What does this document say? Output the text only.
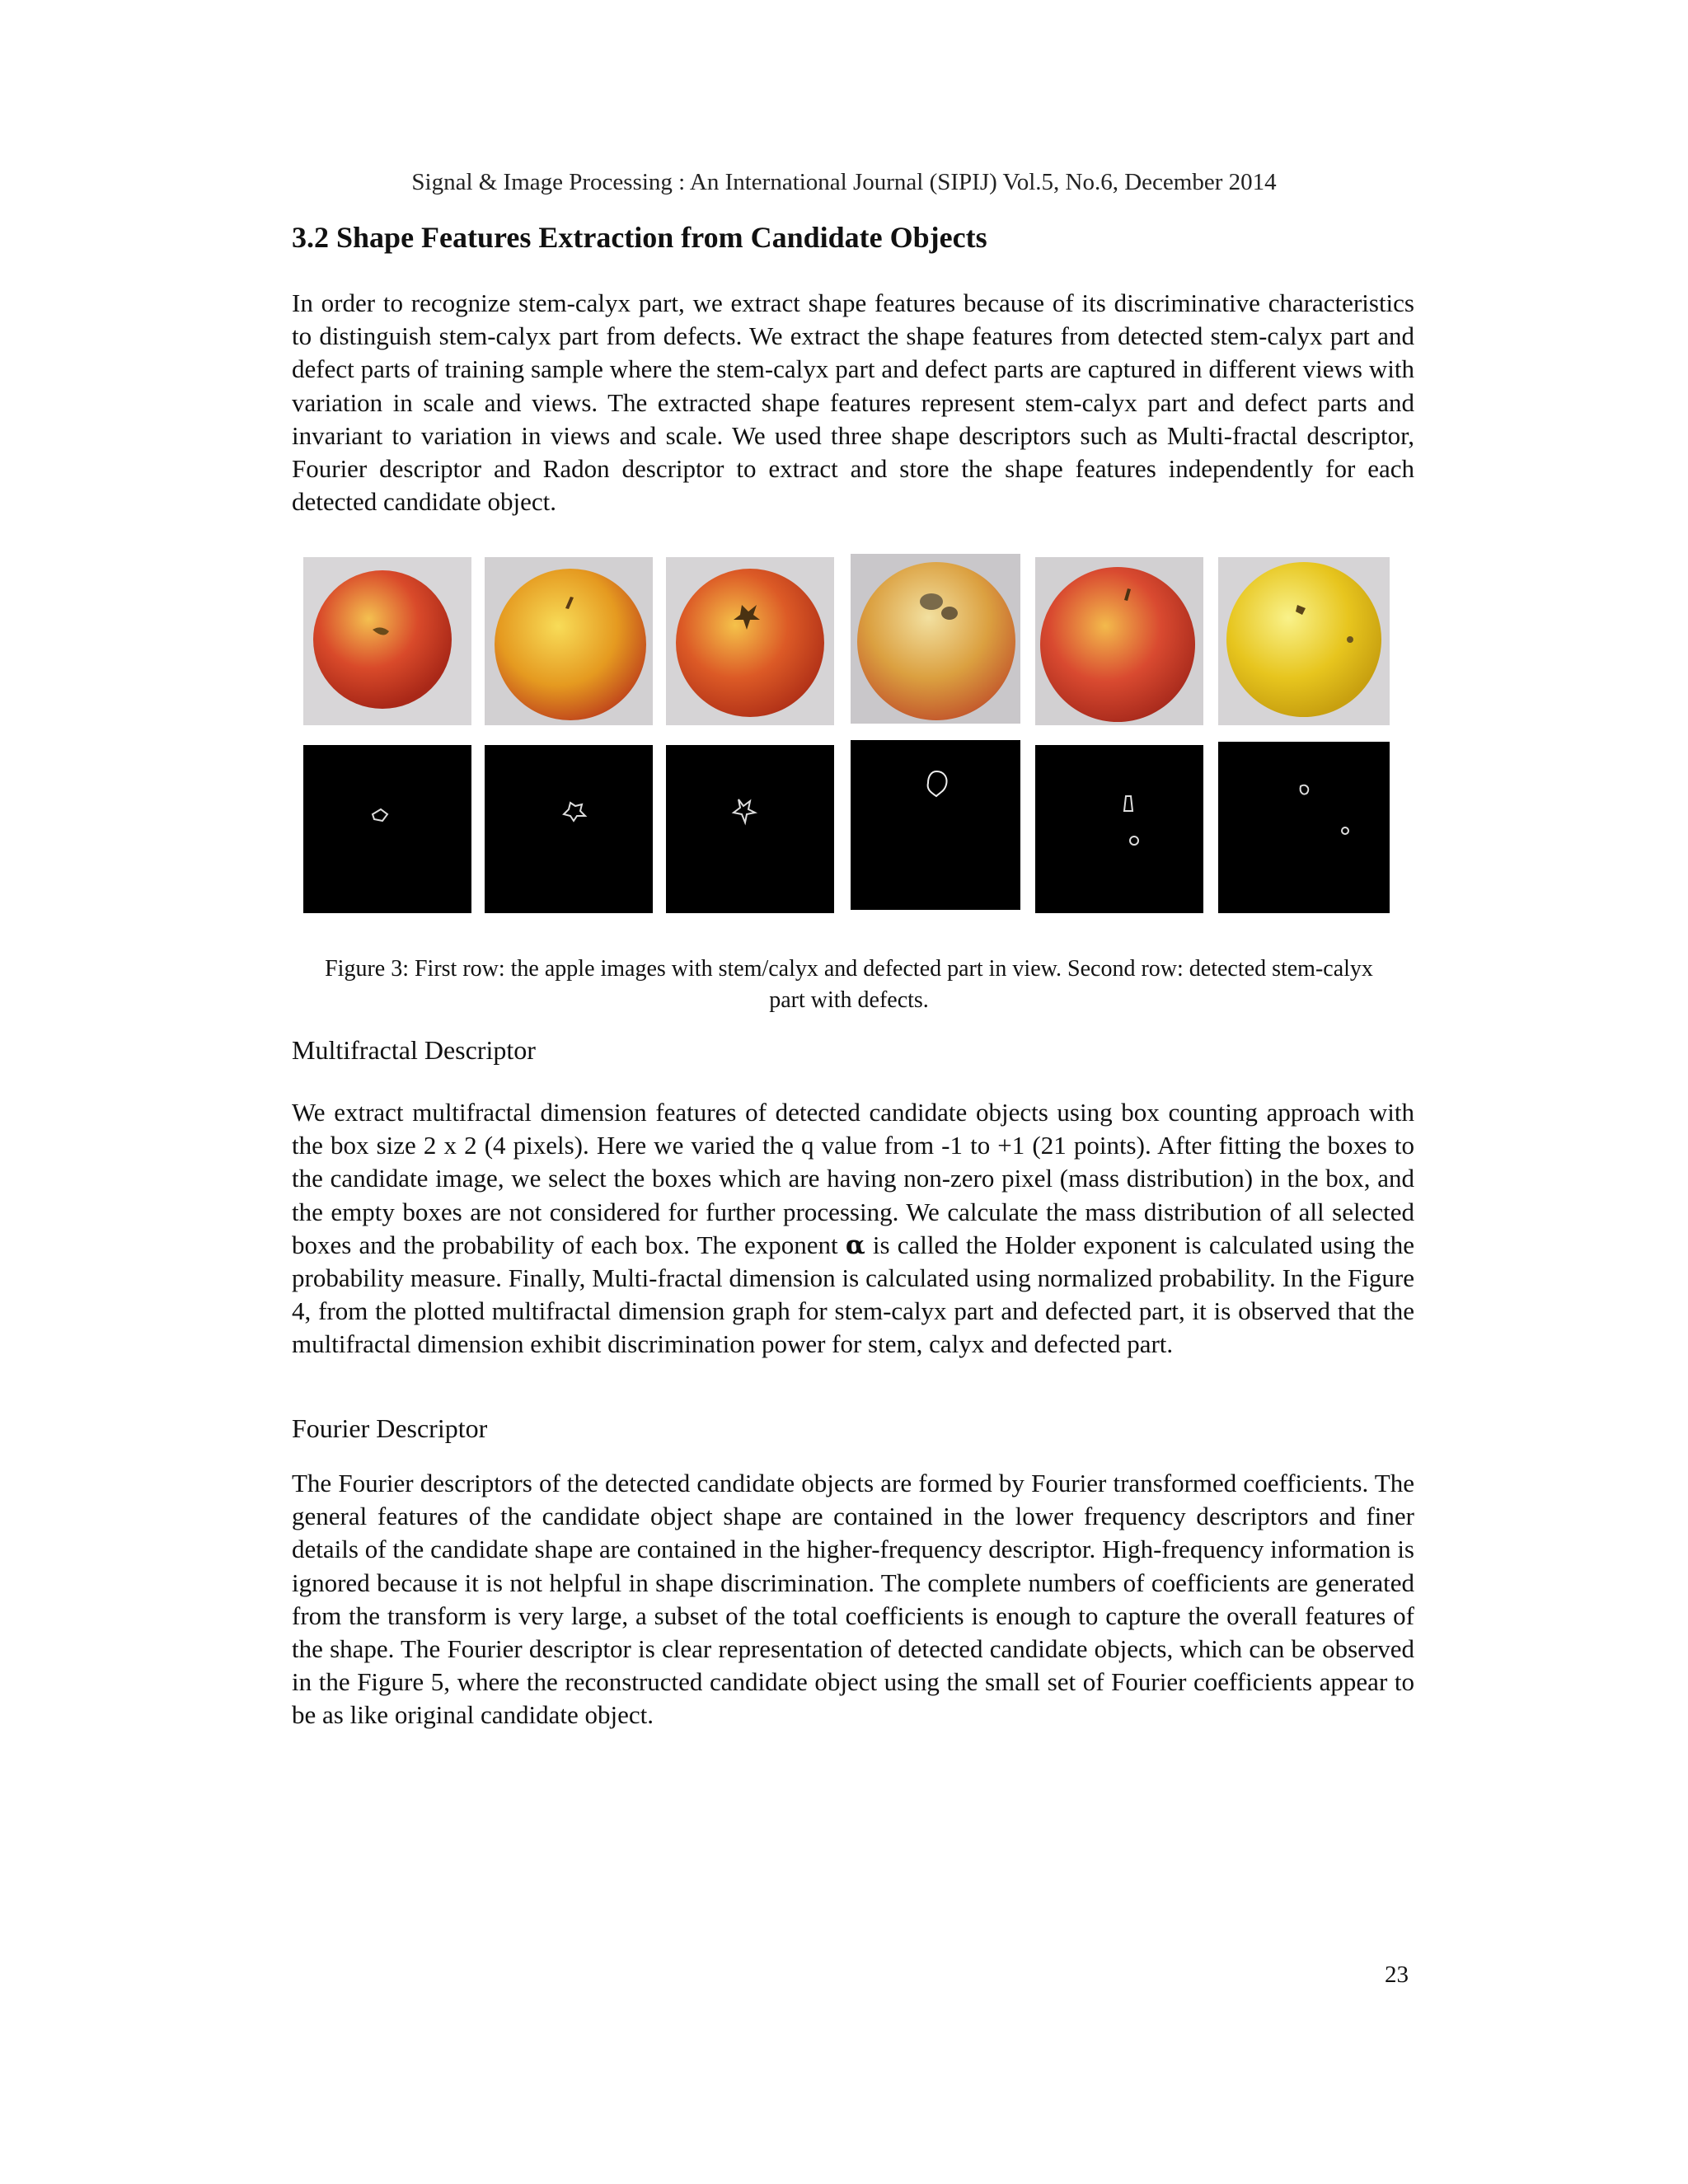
Signal & Image Processing : An International Journal (SIPIJ) Vol.5, No.6, December 2014
3.2 Shape Features Extraction from Candidate Objects

In order to recognize stem-calyx part, we extract shape features because of its discriminative characteristics to distinguish stem-calyx part from defects. We extract the shape features from detected stem-calyx part and defect parts of training sample where the stem-calyx part and defect parts are captured in different views with variation in scale and views. The extracted shape features represent stem-calyx part and defect parts and invariant to variation in views and scale. We used three shape descriptors such as Multi-fractal descriptor, Fourier descriptor and Radon descriptor to extract and store the shape features independently for each detected candidate object.

Figure 3: First row: the apple images with stem/calyx and defected part in view. Second row: detected stem-calyx part with defects.
Multifractal Descriptor

We extract multifractal dimension features of detected candidate objects using box counting approach with the box size 2 x 2 (4 pixels). Here we varied the q value from -1 to +1 (21 points). After fitting the boxes to the candidate image, we select the boxes which are having non-zero pixel (mass distribution) in the box, and the empty boxes are not considered for further processing. We calculate the mass distribution of all selected boxes and the probability of each box. The exponent α is called the Holder exponent is calculated using the probability measure. Finally, Multi-fractal dimension is calculated using normalized probability. In the Figure 4, from the plotted multifractal dimension graph for stem-calyx part and defected part, it is observed that the multifractal dimension exhibit discrimination power for stem, calyx and defected part.

Fourier Descriptor

The Fourier descriptors of the detected candidate objects are formed by Fourier transformed coefficients. The general features of the candidate object shape are contained in the lower frequency descriptors and finer details of the candidate shape are contained in the higher-frequency descriptor. High-frequency information is ignored because it is not helpful in shape discrimination. The complete numbers of coefficients are generated from the transform is very large, a subset of the total coefficients is enough to capture the overall features of the shape. The Fourier descriptor is clear representation of detected candidate objects, which can be observed in the Figure 5, where the reconstructed candidate object using the small set of Fourier coefficients appear to be as like original candidate object.

23
